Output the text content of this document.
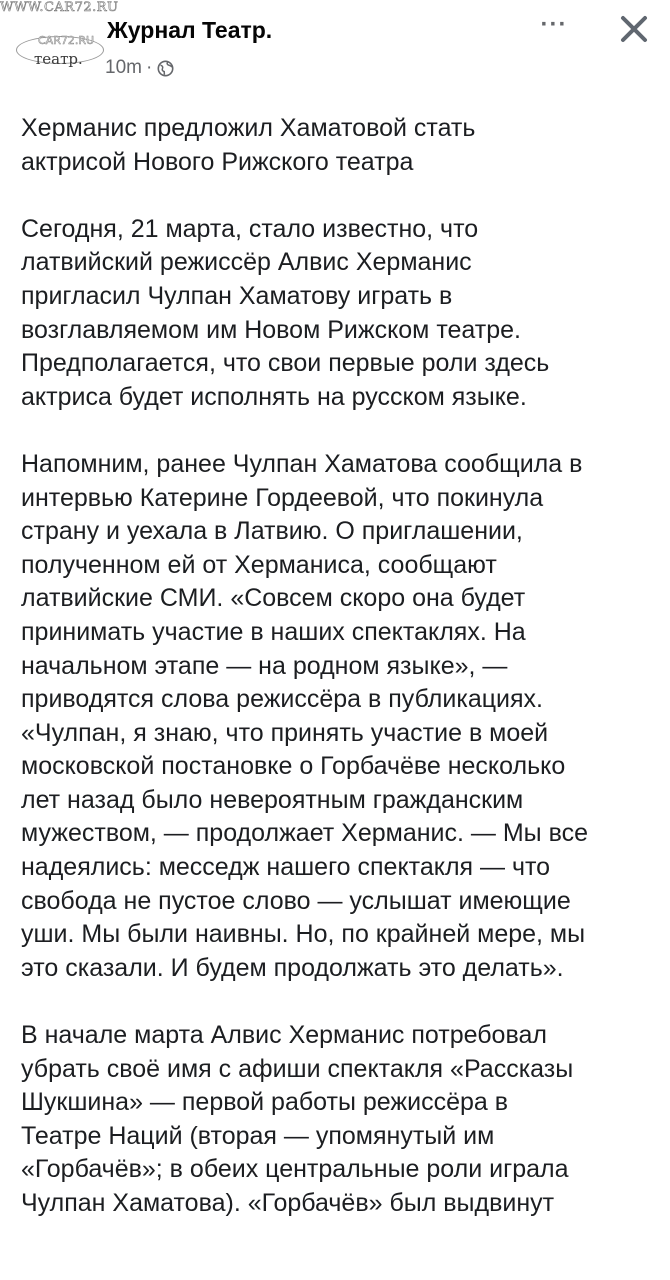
WWW.CAR72.RU
CAR72.RU
театр.
Журнал Театр.
10m ·
···

Херманис предложил Хаматовой стать
актрисой Нового Рижского театра

Сегодня, 21 марта, стало известно, что
латвийский режиссёр Алвис Херманис
пригласил Чулпан Хаматову играть в
возглавляемом им Новом Рижском театре.
Предполагается, что свои первые роли здесь
актриса будет исполнять на русском языке.

Напомним, ранее Чулпан Хаматова сообщила в
интервью Катерине Гордеевой, что покинула
страну и уехала в Латвию. О приглашении,
полученном ей от Херманиса, сообщают
латвийские СМИ. «Совсем скоро она будет
принимать участие в наших спектаклях. На
начальном этапе — на родном языке», —
приводятся слова режиссёра в публикациях.
«Чулпан, я знаю, что принять участие в моей
московской постановке о Горбачёве несколько
лет назад было невероятным гражданским
мужеством, — продолжает Херманис. — Мы все
надеялись: месседж нашего спектакля — что
свобода не пустое слово — услышат имеющие
уши. Мы были наивны. Но, по крайней мере, мы
это сказали. И будем продолжать это делать».

В начале марта Алвис Херманис потребовал
убрать своё имя с афиши спектакля «Рассказы
Шукшина» — первой работы режиссёра в
Театре Наций (вторая — упомянутый им
«Горбачёв»; в обеих центральные роли играла
Чулпан Хаматова). «Горбачёв» был выдвинут
